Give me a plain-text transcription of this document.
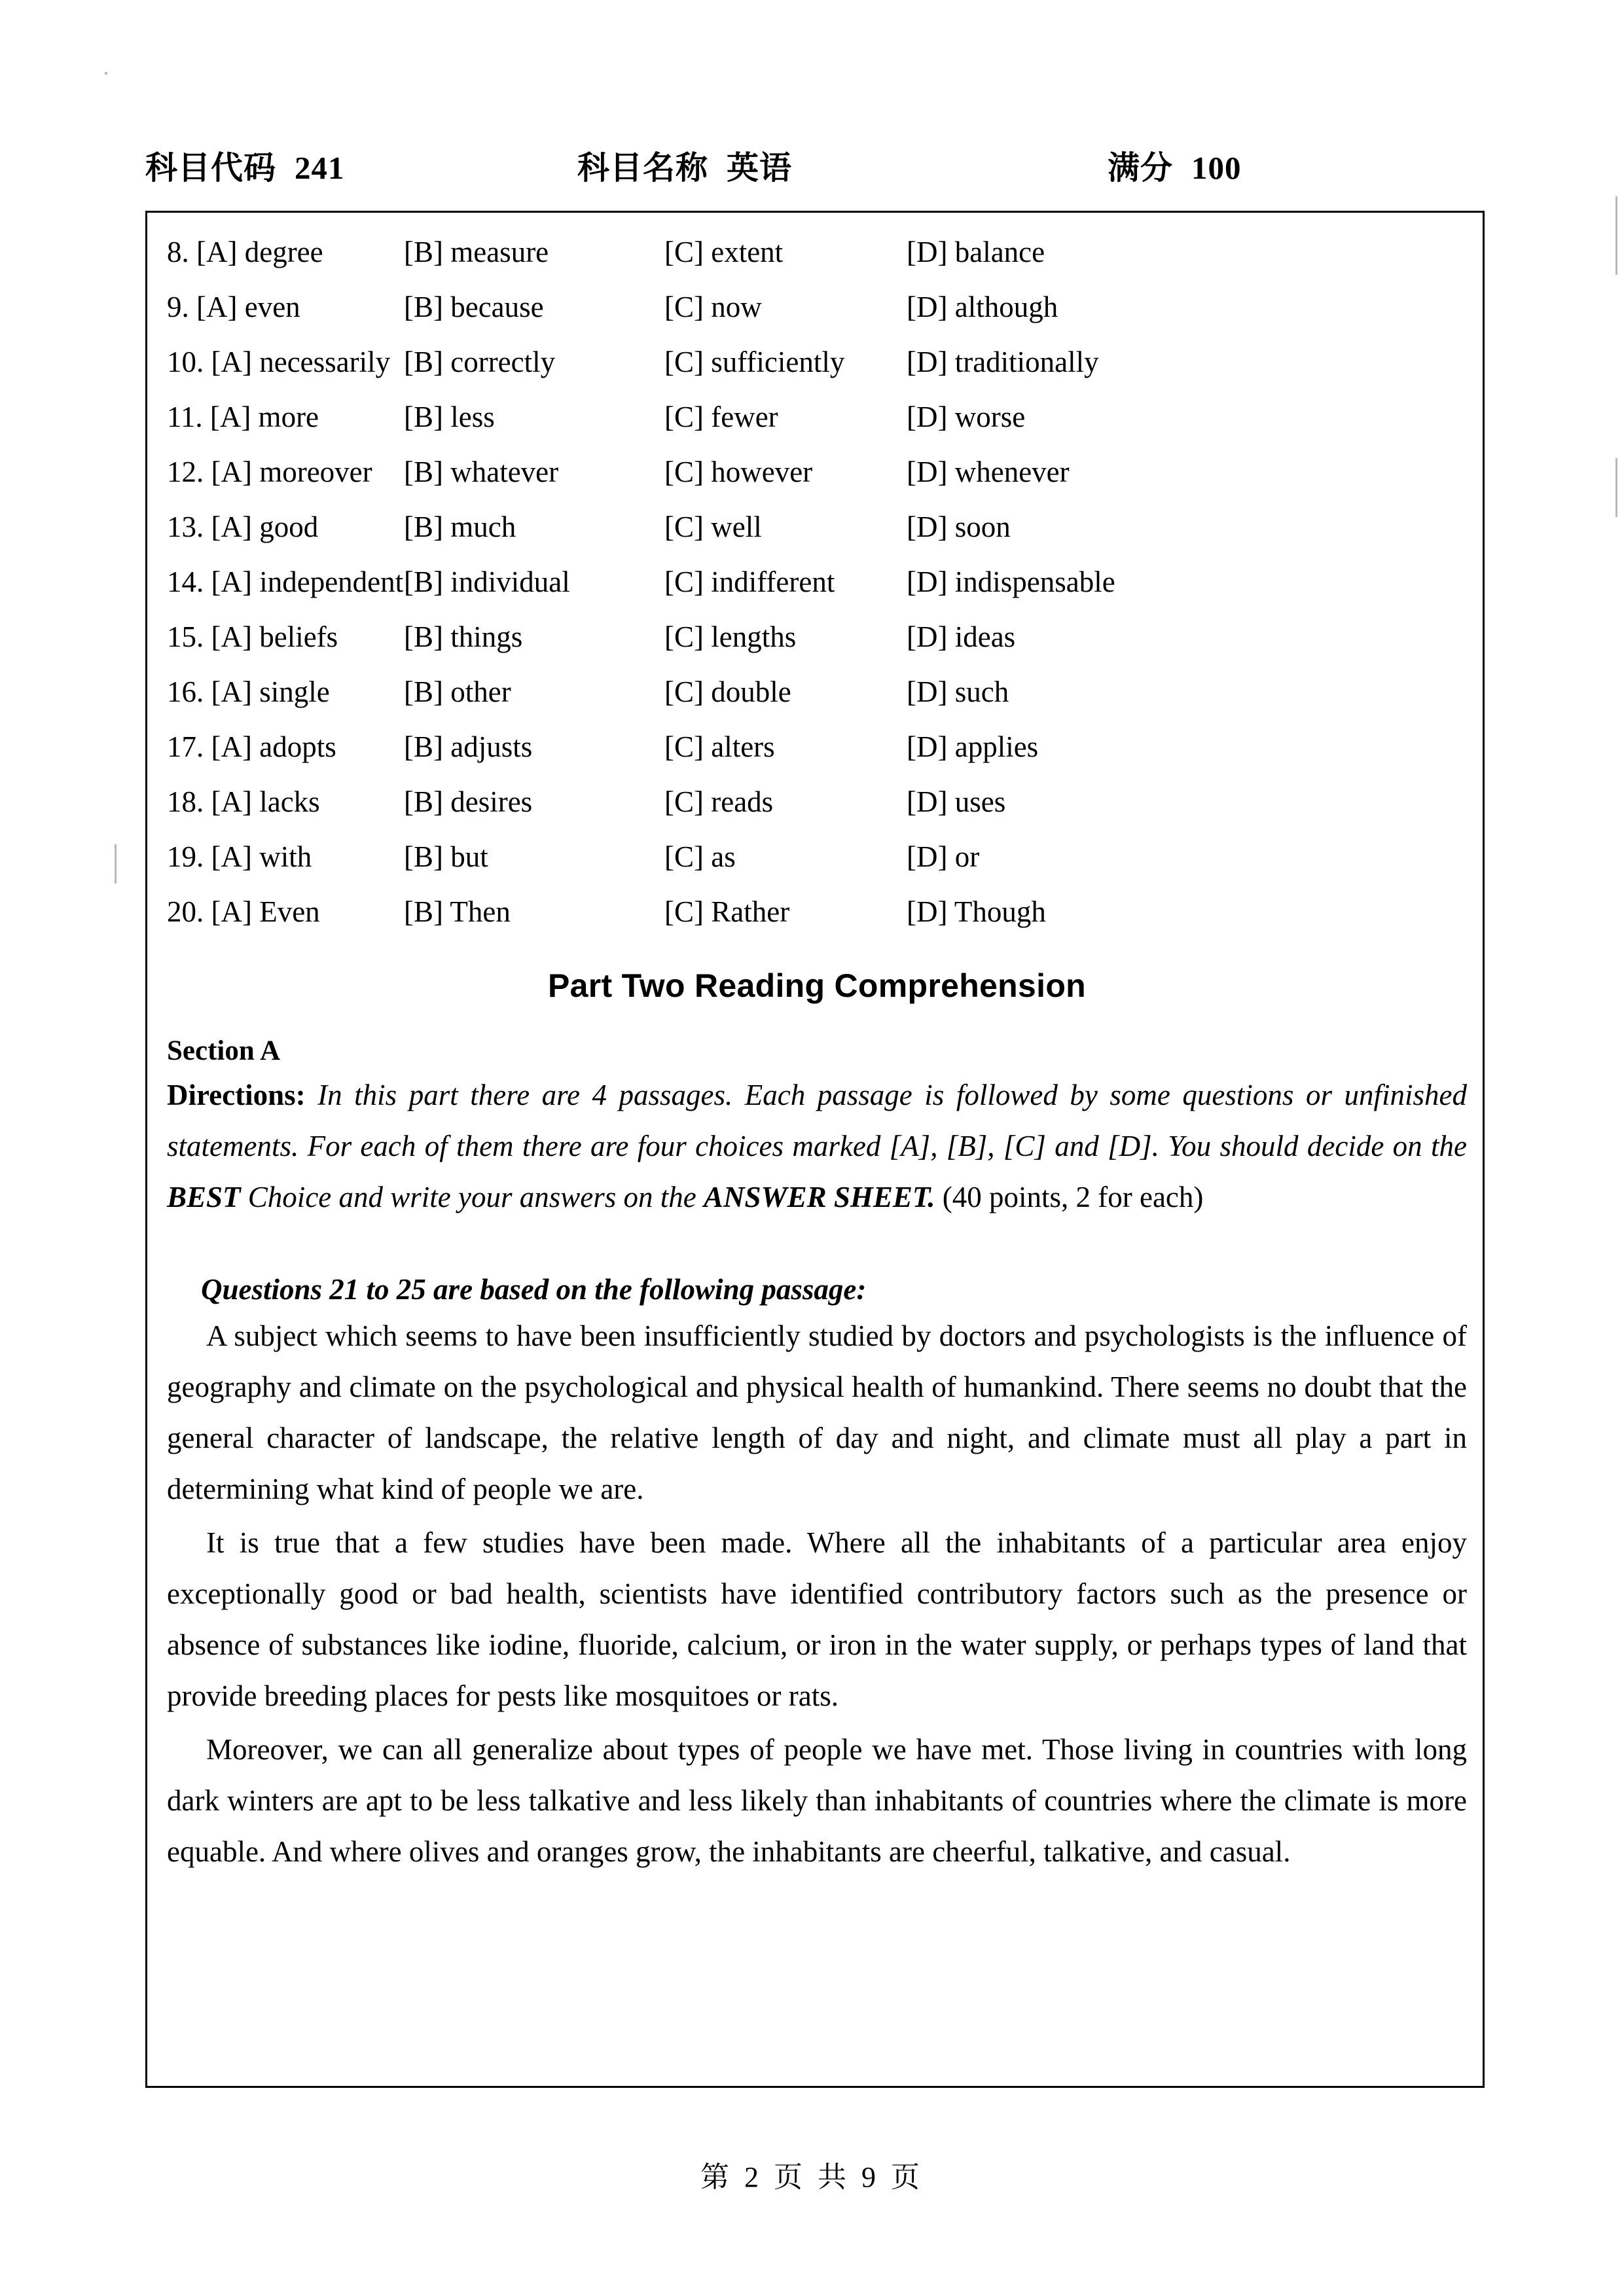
科目代码 241	科目名称 英语	满分 100
8. [A] degree	[B] measure	[C] extent	[D] balance
9. [A] even	[B] because	[C] now	[D] although
10. [A] necessarily [B] correctly	[C] sufficiently [D] traditionally
11. [A] more	[B] less	[C] fewer	[D] worse
12. [A] moreover [B] whatever	[C] however	[D] whenever
13. [A] good	[B] much	[C] well	[D] soon
14. [A] independent [B] individual	[C] indifferent [D] indispensable
15. [A] beliefs [B] things	[C] lengths	[D] ideas
16. [A] single	[B] other	[C] double	[D] such
17. [A] adopts [B] adjusts	[C] alters	[D] applies
18. [A] lacks	[B] desires	[C] reads	[D] uses
19. [A] with	[B] but	[C] as	[D] or
20. [A] Even	[B] Then	[C] Rather	[D] Though
Part Two Reading Comprehension
Section A

Directions: In this part there are 4 passages. Each passage is followed by some questions or unfinished statements. For each of them there are four choices marked [A], [B], [C] and [D]. You should decide on the BEST Choice and write your answers on the ANSWER SHEET. (40 points, 2 for each)

Questions 21 to 25 are based on the following passage:

A subject which seems to have been insufficiently studied by doctors and psychologists is the influence of geography and climate on the psychological and physical health of humankind. There seems no doubt that the general character of landscape, the relative length of day and night, and climate must all play a part in determining what kind of people we are.

It is true that a few studies have been made. Where all the inhabitants of a particular area enjoy exceptionally good or bad health, scientists have identified contributory factors such as the presence or absence of substances like iodine, fluoride, calcium, or iron in the water supply, or perhaps types of land that provide breeding places for pests like mosquitoes or rats.

Moreover, we can all generalize about types of people we have met. Those living in countries with long dark winters are apt to be less talkative and less likely than inhabitants of countries where the climate is more equable. And where olives and oranges grow, the inhabitants are cheerful, talkative, and casual.

第 2 页 共 9 页
